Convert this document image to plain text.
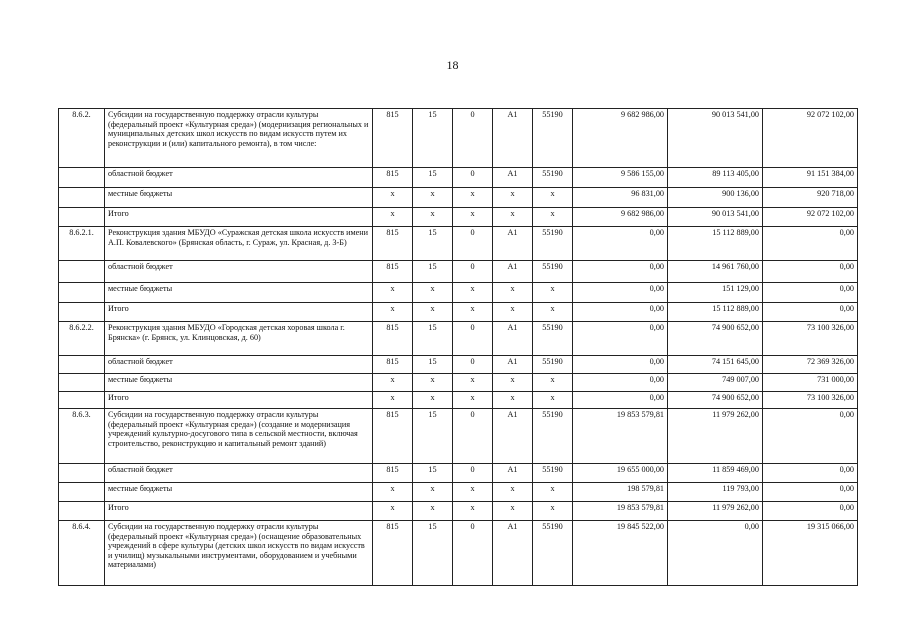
18
8.6.2.	Субсидии на государственную поддержку отрасли культуры (федеральный проект «Культурная среда») (модернизация региональных и муниципальных детских школ искусств по видам искусств путем их реконструкции и (или) капитального ремонта), в том числе:	815	15	0	А1	55190	9 682 986,00	90 013 541,00	92 072 102,00
	областной бюджет	815	15	0	А1	55190	9 586 155,00	89 113 405,00	91 151 384,00
	местные бюджеты	х	х	х	х	х	96 831,00	900 136,00	920 718,00
	Итого	х	х	х	х	х	9 682 986,00	90 013 541,00	92 072 102,00
8.6.2.1.	Реконструкция здания МБУДО «Суражская детская школа искусств имени А.П. Ковалевского» (Брянская область, г. Сураж, ул. Красная, д. 3-Б)	815	15	0	А1	55190	0,00	15 112 889,00	0,00
	областной бюджет	815	15	0	А1	55190	0,00	14 961 760,00	0,00
	местные бюджеты	х	х	х	х	х	0,00	151 129,00	0,00
	Итого	х	х	х	х	х	0,00	15 112 889,00	0,00
8.6.2.2.	Реконструкция здания МБУДО «Городская детская хоровая школа г. Брянска» (г. Брянск, ул. Клинцовская, д. 60)	815	15	0	А1	55190	0,00	74 900 652,00	73 100 326,00
	областной бюджет	815	15	0	А1	55190	0,00	74 151 645,00	72 369 326,00
	местные бюджеты	х	х	х	х	х	0,00	749 007,00	731 000,00
	Итого	х	х	х	х	х	0,00	74 900 652,00	73 100 326,00
8.6.3.	Субсидии на государственную поддержку отрасли культуры (федеральный проект «Культурная среда») (создание и модернизация учреждений культурно-досугового типа в сельской местности, включая строительство, реконструкцию и капитальный ремонт зданий)	815	15	0	А1	55190	19 853 579,81	11 979 262,00	0,00
	областной бюджет	815	15	0	А1	55190	19 655 000,00	11 859 469,00	0,00
	местные бюджеты	х	х	х	х	х	198 579,81	119 793,00	0,00
	Итого	х	х	х	х	х	19 853 579,81	11 979 262,00	0,00
8.6.4.	Субсидии на государственную поддержку отрасли культуры (федеральный проект «Культурная среда») (оснащение образовательных учреждений в сфере культуры (детских школ искусств по видам искусств и училищ) музыкальными инструментами, оборудованием и учебными материалами)	815	15	0	А1	55190	19 845 522,00	0,00	19 315 066,00
